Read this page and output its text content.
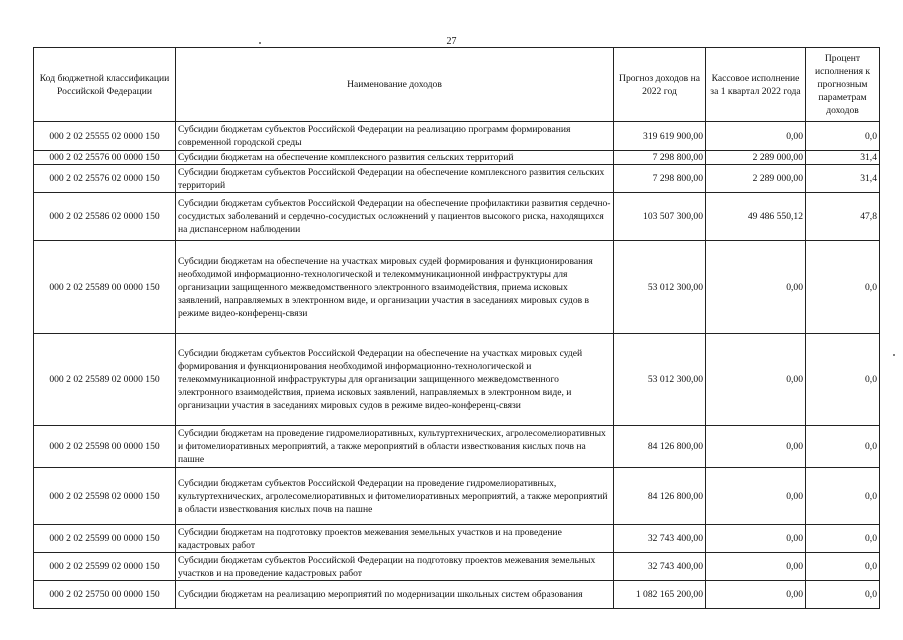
27
Код бюджетной классификации Российской Федерации	Наименование доходов	Прогноз доходов на 2022 год	Кассовое исполнение за 1 квартал 2022 года	Процент исполнения к прогнозным параметрам доходов
000 2 02 25555 02 0000 150	Субсидии бюджетам субъектов Российской Федерации на реализацию программ формирования современной городской среды	319 619 900,00	0,00	0,0
000 2 02 25576 00 0000 150	Субсидии бюджетам на обеспечение комплексного развития сельских территорий	7 298 800,00	2 289 000,00	31,4
000 2 02 25576 02 0000 150	Субсидии бюджетам субъектов Российской Федерации на обеспечение комплексного развития сельских территорий	7 298 800,00	2 289 000,00	31,4
000 2 02 25586 02 0000 150	Субсидии бюджетам субъектов Российской Федерации на обеспечение профилактики развития сердечно-сосудистых заболеваний и сердечно-сосудистых осложнений у пациентов высокого риска, находящихся на диспансерном наблюдении	103 507 300,00	49 486 550,12	47,8
000 2 02 25589 00 0000 150	Субсидии бюджетам на обеспечение на участках мировых судей формирования и функционирования необходимой информационно-технологической и телекоммуникационной инфраструктуры для организации защищенного межведомственного электронного взаимодействия, приема исковых заявлений, направляемых в электронном виде, и организации участия в заседаниях мировых судов в режиме видео-конференц-связи	53 012 300,00	0,00	0,0
000 2 02 25589 02 0000 150	Субсидии бюджетам субъектов Российской Федерации на обеспечение на участках мировых судей формирования и функционирования необходимой информационно-технологической и телекоммуникационной инфраструктуры для организации защищенного межведомственного электронного взаимодействия, приема исковых заявлений, направляемых в электронном виде, и организации участия в заседаниях мировых судов в режиме видео-конференц-связи	53 012 300,00	0,00	0,0
000 2 02 25598 00 0000 150	Субсидии бюджетам на проведение гидромелиоративных, культуртехнических, агролесомелиоративных и фитомелиоративных мероприятий, а также мероприятий в области известкования кислых почв на пашне	84 126 800,00	0,00	0,0
000 2 02 25598 02 0000 150	Субсидии бюджетам субъектов Российской Федерации на проведение гидромелиоративных, культуртехнических, агролесомелиоративных и фитомелиоративных мероприятий, а также мероприятий в области известкования кислых почв на пашне	84 126 800,00	0,00	0,0
000 2 02 25599 00 0000 150	Субсидии бюджетам на подготовку проектов межевания земельных участков и на проведение кадастровых работ	32 743 400,00	0,00	0,0
000 2 02 25599 02 0000 150	Субсидии бюджетам субъектов Российской Федерации на подготовку проектов межевания земельных участков и на проведение кадастровых работ	32 743 400,00	0,00	0,0
000 2 02 25750 00 0000 150	Субсидии бюджетам на реализацию мероприятий по модернизации школьных систем образования	1 082 165 200,00	0,00	0,0
